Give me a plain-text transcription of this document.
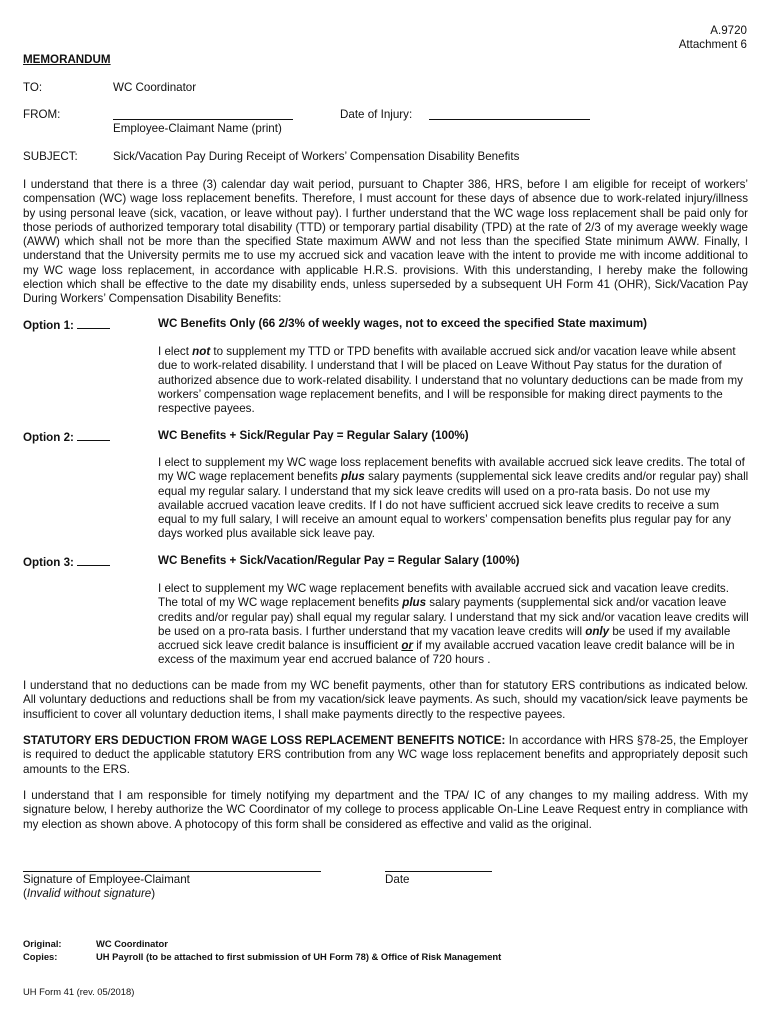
A.9720
Attachment 6
MEMORANDUM
TO:	WC Coordinator
FROM:
Employee-Claimant Name (print)
Date of Injury:
SUBJECT:	Sick/Vacation Pay During Receipt of Workers’ Compensation Disability Benefits

I understand that there is a three (3) calendar day wait period, pursuant to Chapter 386, HRS, before I am eligible for receipt of workers’ compensation (WC) wage loss replacement benefits. Therefore, I must account for these days of absence due to work-related injury/illness by using personal leave (sick, vacation, or leave without pay). I further understand that the WC wage loss replacement shall be paid only for those periods of authorized temporary total disability (TTD) or temporary partial disability (TPD) at the rate of 2/3 of my average weekly wage (AWW) which shall not be more than the specified State maximum AWW and not less than the specified State minimum AWW. Finally, I understand that the University permits me to use my accrued sick and vacation leave with the intent to provide me with income additional to my WC wage loss replacement, in accordance with applicable H.R.S. provisions. With this understanding, I hereby make the following election which shall be effective to the date my disability ends, unless superseded by a subsequent UH Form 41 (OHR), Sick/Vacation Pay During Workers’ Compensation Disability Benefits:

Option 1:	WC Benefits Only (66 2/3% of weekly wages, not to exceed the specified State maximum)

I elect not to supplement my TTD or TPD benefits with available accrued sick and/or vacation leave while absent due to work-related disability. I understand that I will be placed on Leave Without Pay status for the duration of authorized absence due to work-related disability. I understand that no voluntary deductions can be made from my workers’ compensation wage replacement benefits, and I will be responsible for making direct payments to the respective payees.

Option 2:	WC Benefits + Sick/Regular Pay = Regular Salary (100%)

I elect to supplement my WC wage loss replacement benefits with available accrued sick leave credits. The total of my WC wage replacement benefits plus salary payments (supplemental sick leave credits and/or regular pay) shall equal my regular salary. I understand that my sick leave credits will used on a pro-rata basis. Do not use my available accrued vacation leave credits. If I do not have sufficient accrued sick leave credits to receive a sum equal to my full salary, I will receive an amount equal to workers’ compensation benefits plus regular pay for any days worked plus available sick leave pay.

Option 3:	WC Benefits + Sick/Vacation/Regular Pay = Regular Salary (100%)

I elect to supplement my WC wage replacement benefits with available accrued sick and vacation leave credits. The total of my WC wage replacement benefits plus salary payments (supplemental sick and/or vacation leave credits and/or regular pay) shall equal my regular salary. I understand that my sick and/or vacation leave credits will be used on a pro-rata basis. I further understand that my vacation leave credits will only be used if my available accrued sick leave credit balance is insufficient or if my available accrued vacation leave credit balance will be in excess of the maximum year end accrued balance of 720 hours .

I understand that no deductions can be made from my WC benefit payments, other than for statutory ERS contributions as indicated below. All voluntary deductions and reductions shall be from my vacation/sick leave payments. As such, should my vacation/sick leave payments be insufficient to cover all voluntary deduction items, I shall make payments directly to the respective payees.

STATUTORY ERS DEDUCTION FROM WAGE LOSS REPLACEMENT BENEFITS NOTICE: In accordance with HRS §78-25, the Employer is required to deduct the applicable statutory ERS contribution from any WC wage loss replacement benefits and appropriately deposit such amounts to the ERS.

I understand that I am responsible for timely notifying my department and the TPA/ IC of any changes to my mailing address. With my signature below, I hereby authorize the WC Coordinator of my college to process applicable On-Line Leave Request entry in compliance with my election as shown above. A photocopy of this form shall be considered as effective and valid as the original.

Signature of Employee-Claimant
(Invalid without signature)
Date
Original:	WC Coordinator
Copies:	UH Payroll (to be attached to first submission of UH Form 78) & Office of Risk Management
UH Form 41 (rev. 05/2018)
